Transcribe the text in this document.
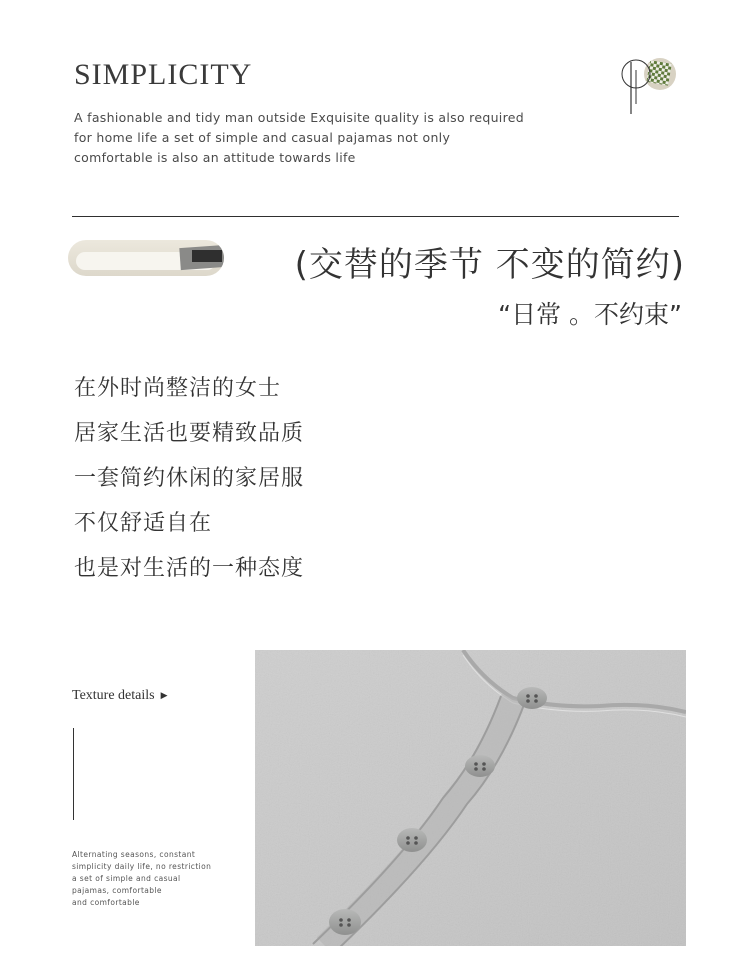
SIMPLICITY
A fashionable and tidy man outside Exquisite quality is also required
for home life a set of simple and casual pajamas not only
comfortable is also an attitude towards life
(交替的季节 不变的简约)
“日常 。不约束”
在外时尚整洁的女士
居家生活也要精致品质
一套简约休闲的家居服
不仅舒适自在
也是对生活的一种态度
Texture details ▶
Alternating seasons, constant
simplicity daily life, no restriction
a set of simple and casual
pajamas, comfortable
and comfortable
